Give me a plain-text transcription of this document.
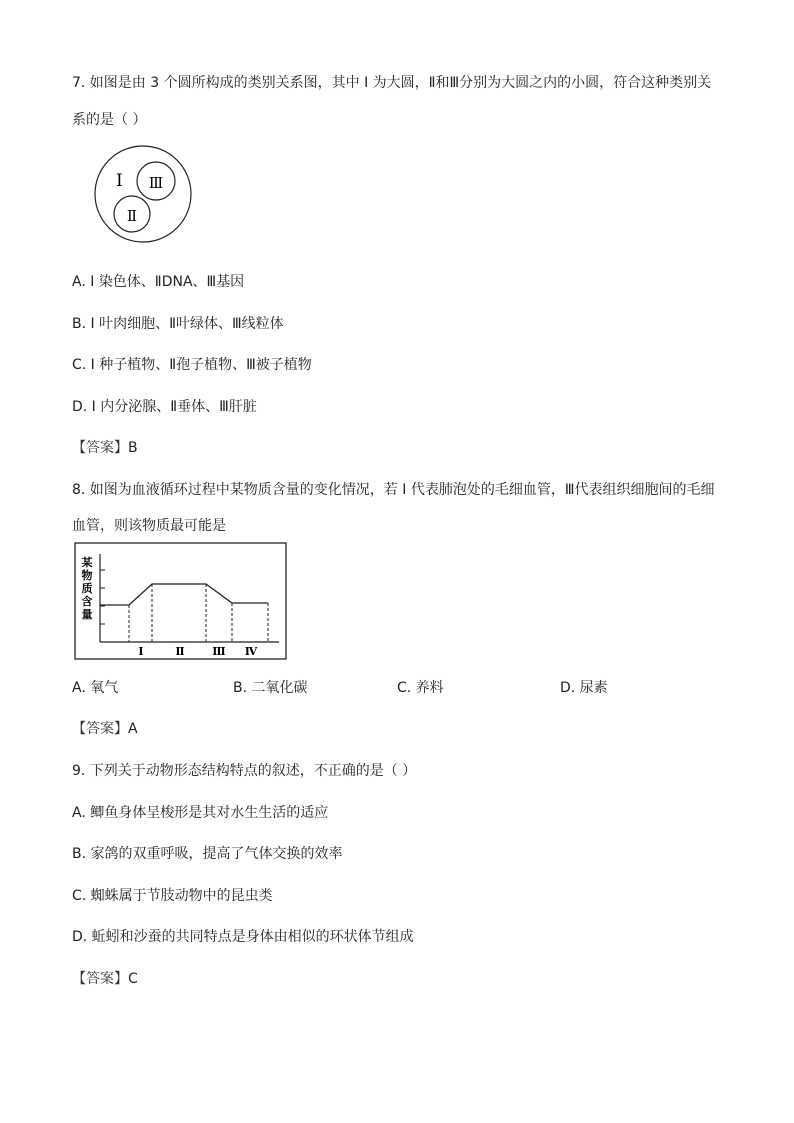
7. 如图是由 3 个圆所构成的类别关系图，其中 I 为大圆，Ⅱ和Ⅲ分别为大圆之内的小圆，符合这种类别关
系的是（ ）
Ⅰ Ⅲ
Ⅱ
A. I 染色体、ⅡDNA、Ⅲ基因
B. I 叶肉细胞、Ⅱ叶绿体、Ⅲ线粒体
C. I 种子植物、Ⅱ孢子植物、Ⅲ被子植物
D. I 内分泌腺、Ⅱ垂体、Ⅲ肝脏
【答案】B
8. 如图为血液循环过程中某物质含量的变化情况，若 I 代表肺泡处的毛细血管，Ⅲ代表组织细胞间的毛细
血管，则该物质最可能是
某
物
质
含
量
Ⅰ	Ⅱ	Ⅲ Ⅳ
A. 氧气	B. 二氧化碳	C. 养料	D. 尿素
【答案】A
9. 下列关于动物形态结构特点的叙述，不正确的是（ ）
A. 鲫鱼身体呈梭形是其对水生生活的适应
B. 家鸽的双重呼吸，提高了气体交换的效率
C. 蜘蛛属于节肢动物中的昆虫类
D. 蚯蚓和沙蚕的共同特点是身体由相似的环状体节组成
【答案】C
